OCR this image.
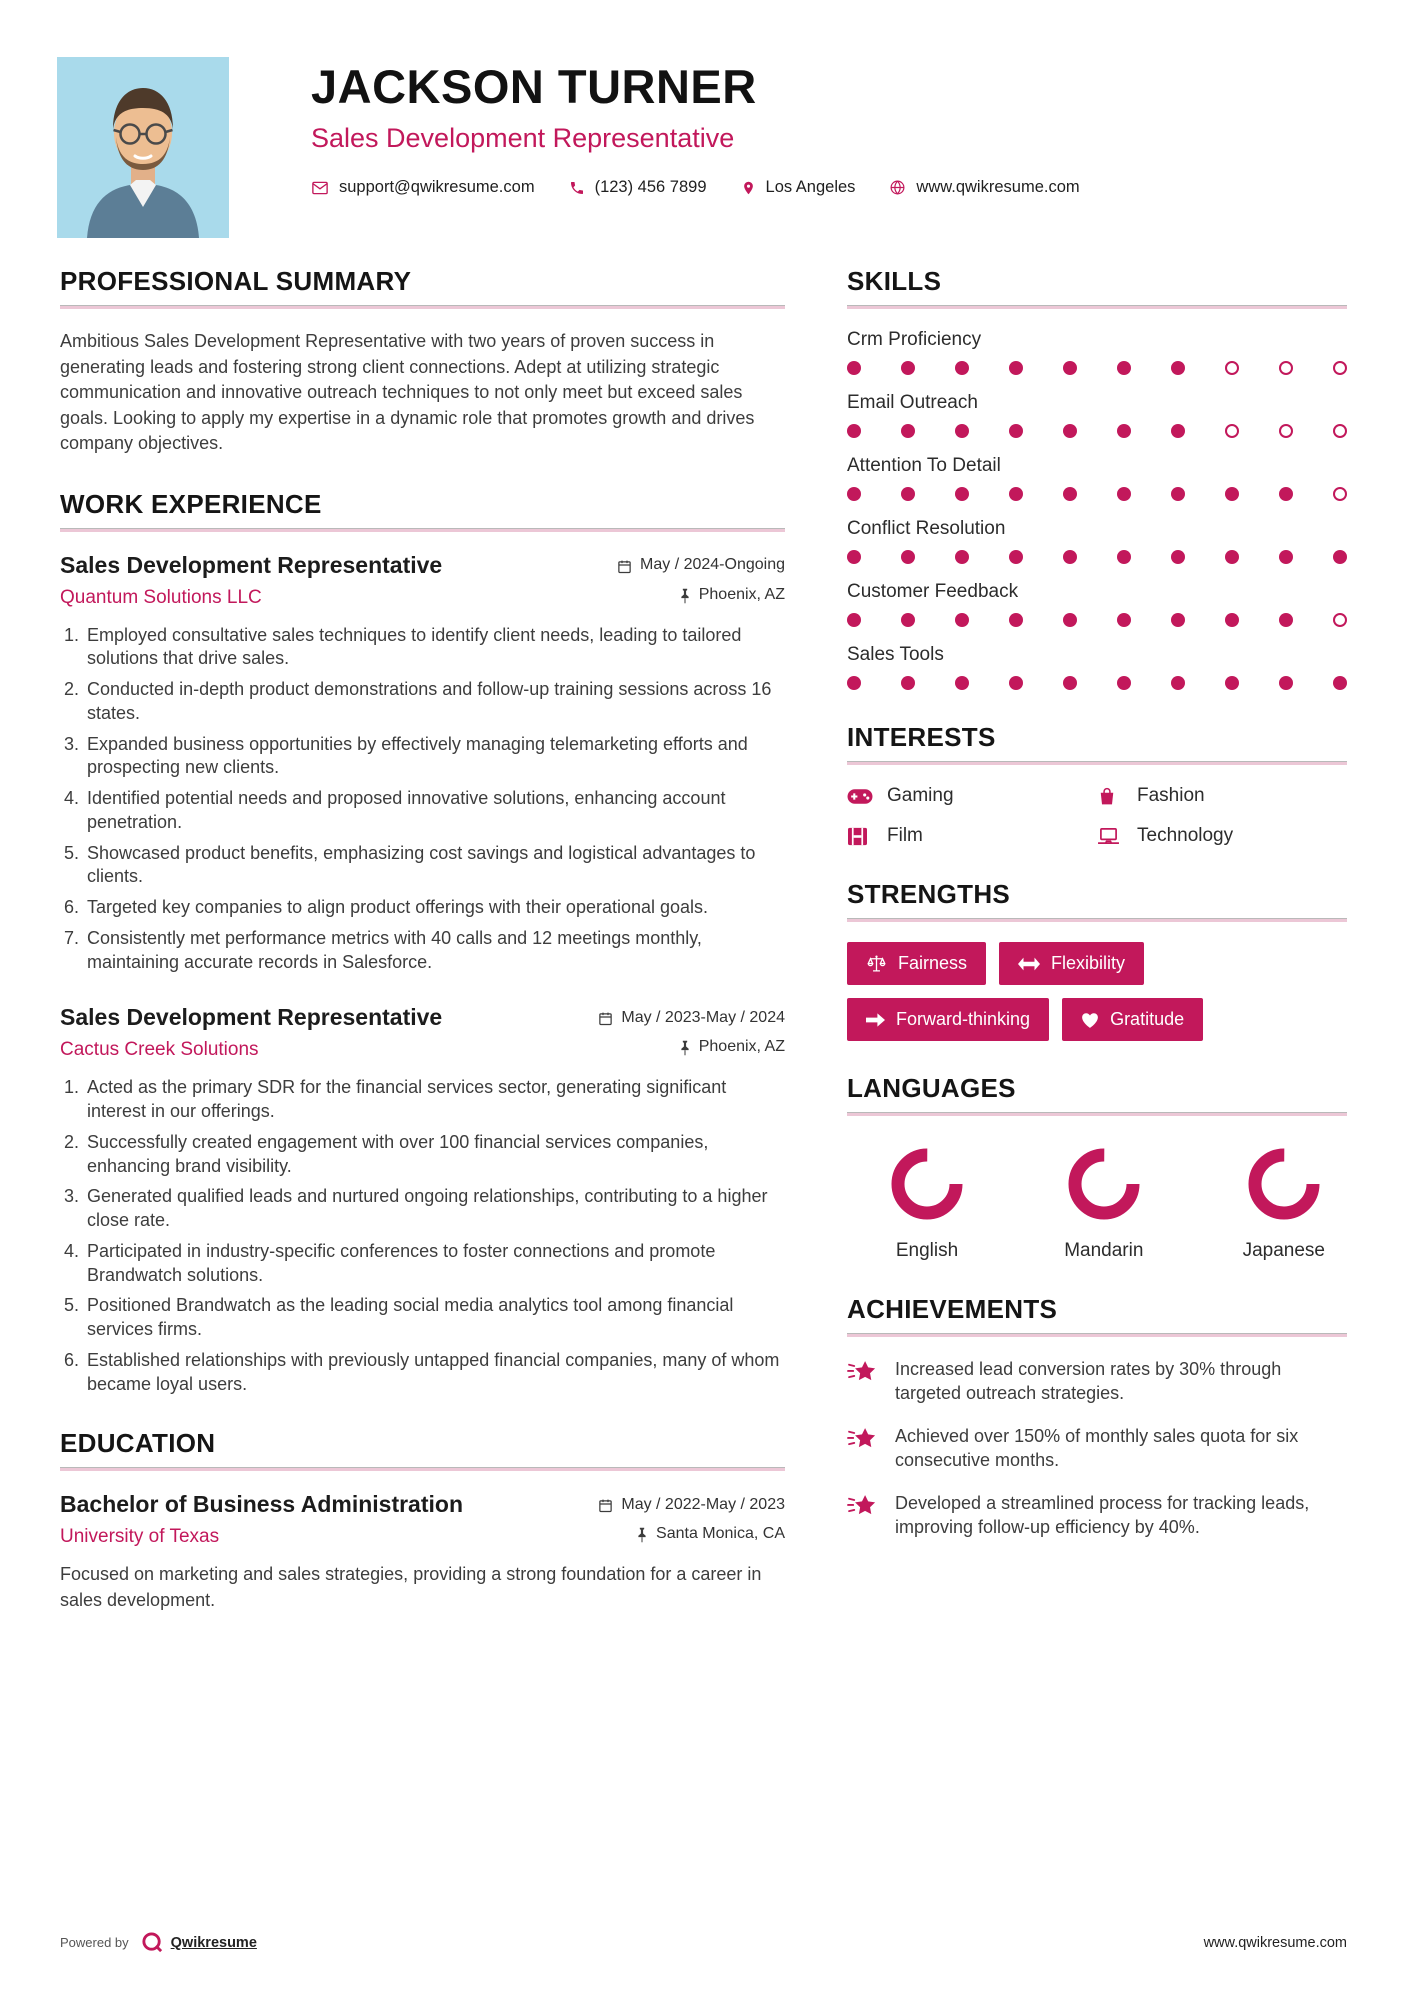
JACKSON TURNER
Sales Development Representative
support@qwikresume.com	(123) 456 7899	Los Angeles	www.qwikresume.com
PROFESSIONAL SUMMARY

Ambitious Sales Development Representative with two years of proven success in generating leads and fostering strong client connections. Adept at utilizing strategic communication and innovative outreach techniques to not only meet but exceed sales goals. Looking to apply my expertise in a dynamic role that promotes growth and drives company objectives.

WORK EXPERIENCE
Sales Development Representative	May / 2024-Ongoing
Quantum Solutions LLC	Phoenix, AZ
1. Employed consultative sales techniques to identify client needs, leading to tailored solutions that drive sales.
2. Conducted in-depth product demonstrations and follow-up training sessions across 16 states.
3. Expanded business opportunities by effectively managing telemarketing efforts and prospecting new clients.
4. Identified potential needs and proposed innovative solutions, enhancing account penetration.
5. Showcased product benefits, emphasizing cost savings and logistical advantages to clients.
6. Targeted key companies to align product offerings with their operational goals.
7. Consistently met performance metrics with 40 calls and 12 meetings monthly, maintaining accurate records in Salesforce.
Sales Development Representative	May / 2023-May / 2024
Cactus Creek Solutions	Phoenix, AZ
1. Acted as the primary SDR for the financial services sector, generating significant interest in our offerings.
2. Successfully created engagement with over 100 financial services companies, enhancing brand visibility.
3. Generated qualified leads and nurtured ongoing relationships, contributing to a higher close rate.
4. Participated in industry-specific conferences to foster connections and promote Brandwatch solutions.
5. Positioned Brandwatch as the leading social media analytics tool among financial services firms.
6. Established relationships with previously untapped financial companies, many of whom became loyal users.
EDUCATION
Bachelor of Business Administration	May / 2022-May / 2023
University of Texas	Santa Monica, CA

Focused on marketing and sales strategies, providing a strong foundation for a career in sales development.

SKILLS
Crm Proficiency
Email Outreach
Attention To Detail
Conflict Resolution
Customer Feedback
Sales Tools
INTERESTS
Gaming	Fashion
Film	Technology
STRENGTHS
Fairness	Flexibility
Forward-thinking	Gratitude
LANGUAGES
English	Mandarin	Japanese
ACHIEVEMENTS
Increased lead conversion rates by 30% through targeted outreach strategies.
Achieved over 150% of monthly sales quota for six consecutive months.
Developed a streamlined process for tracking leads, improving follow-up efficiency by 40%.
Powered by	Qwikresume	www.qwikresume.com
